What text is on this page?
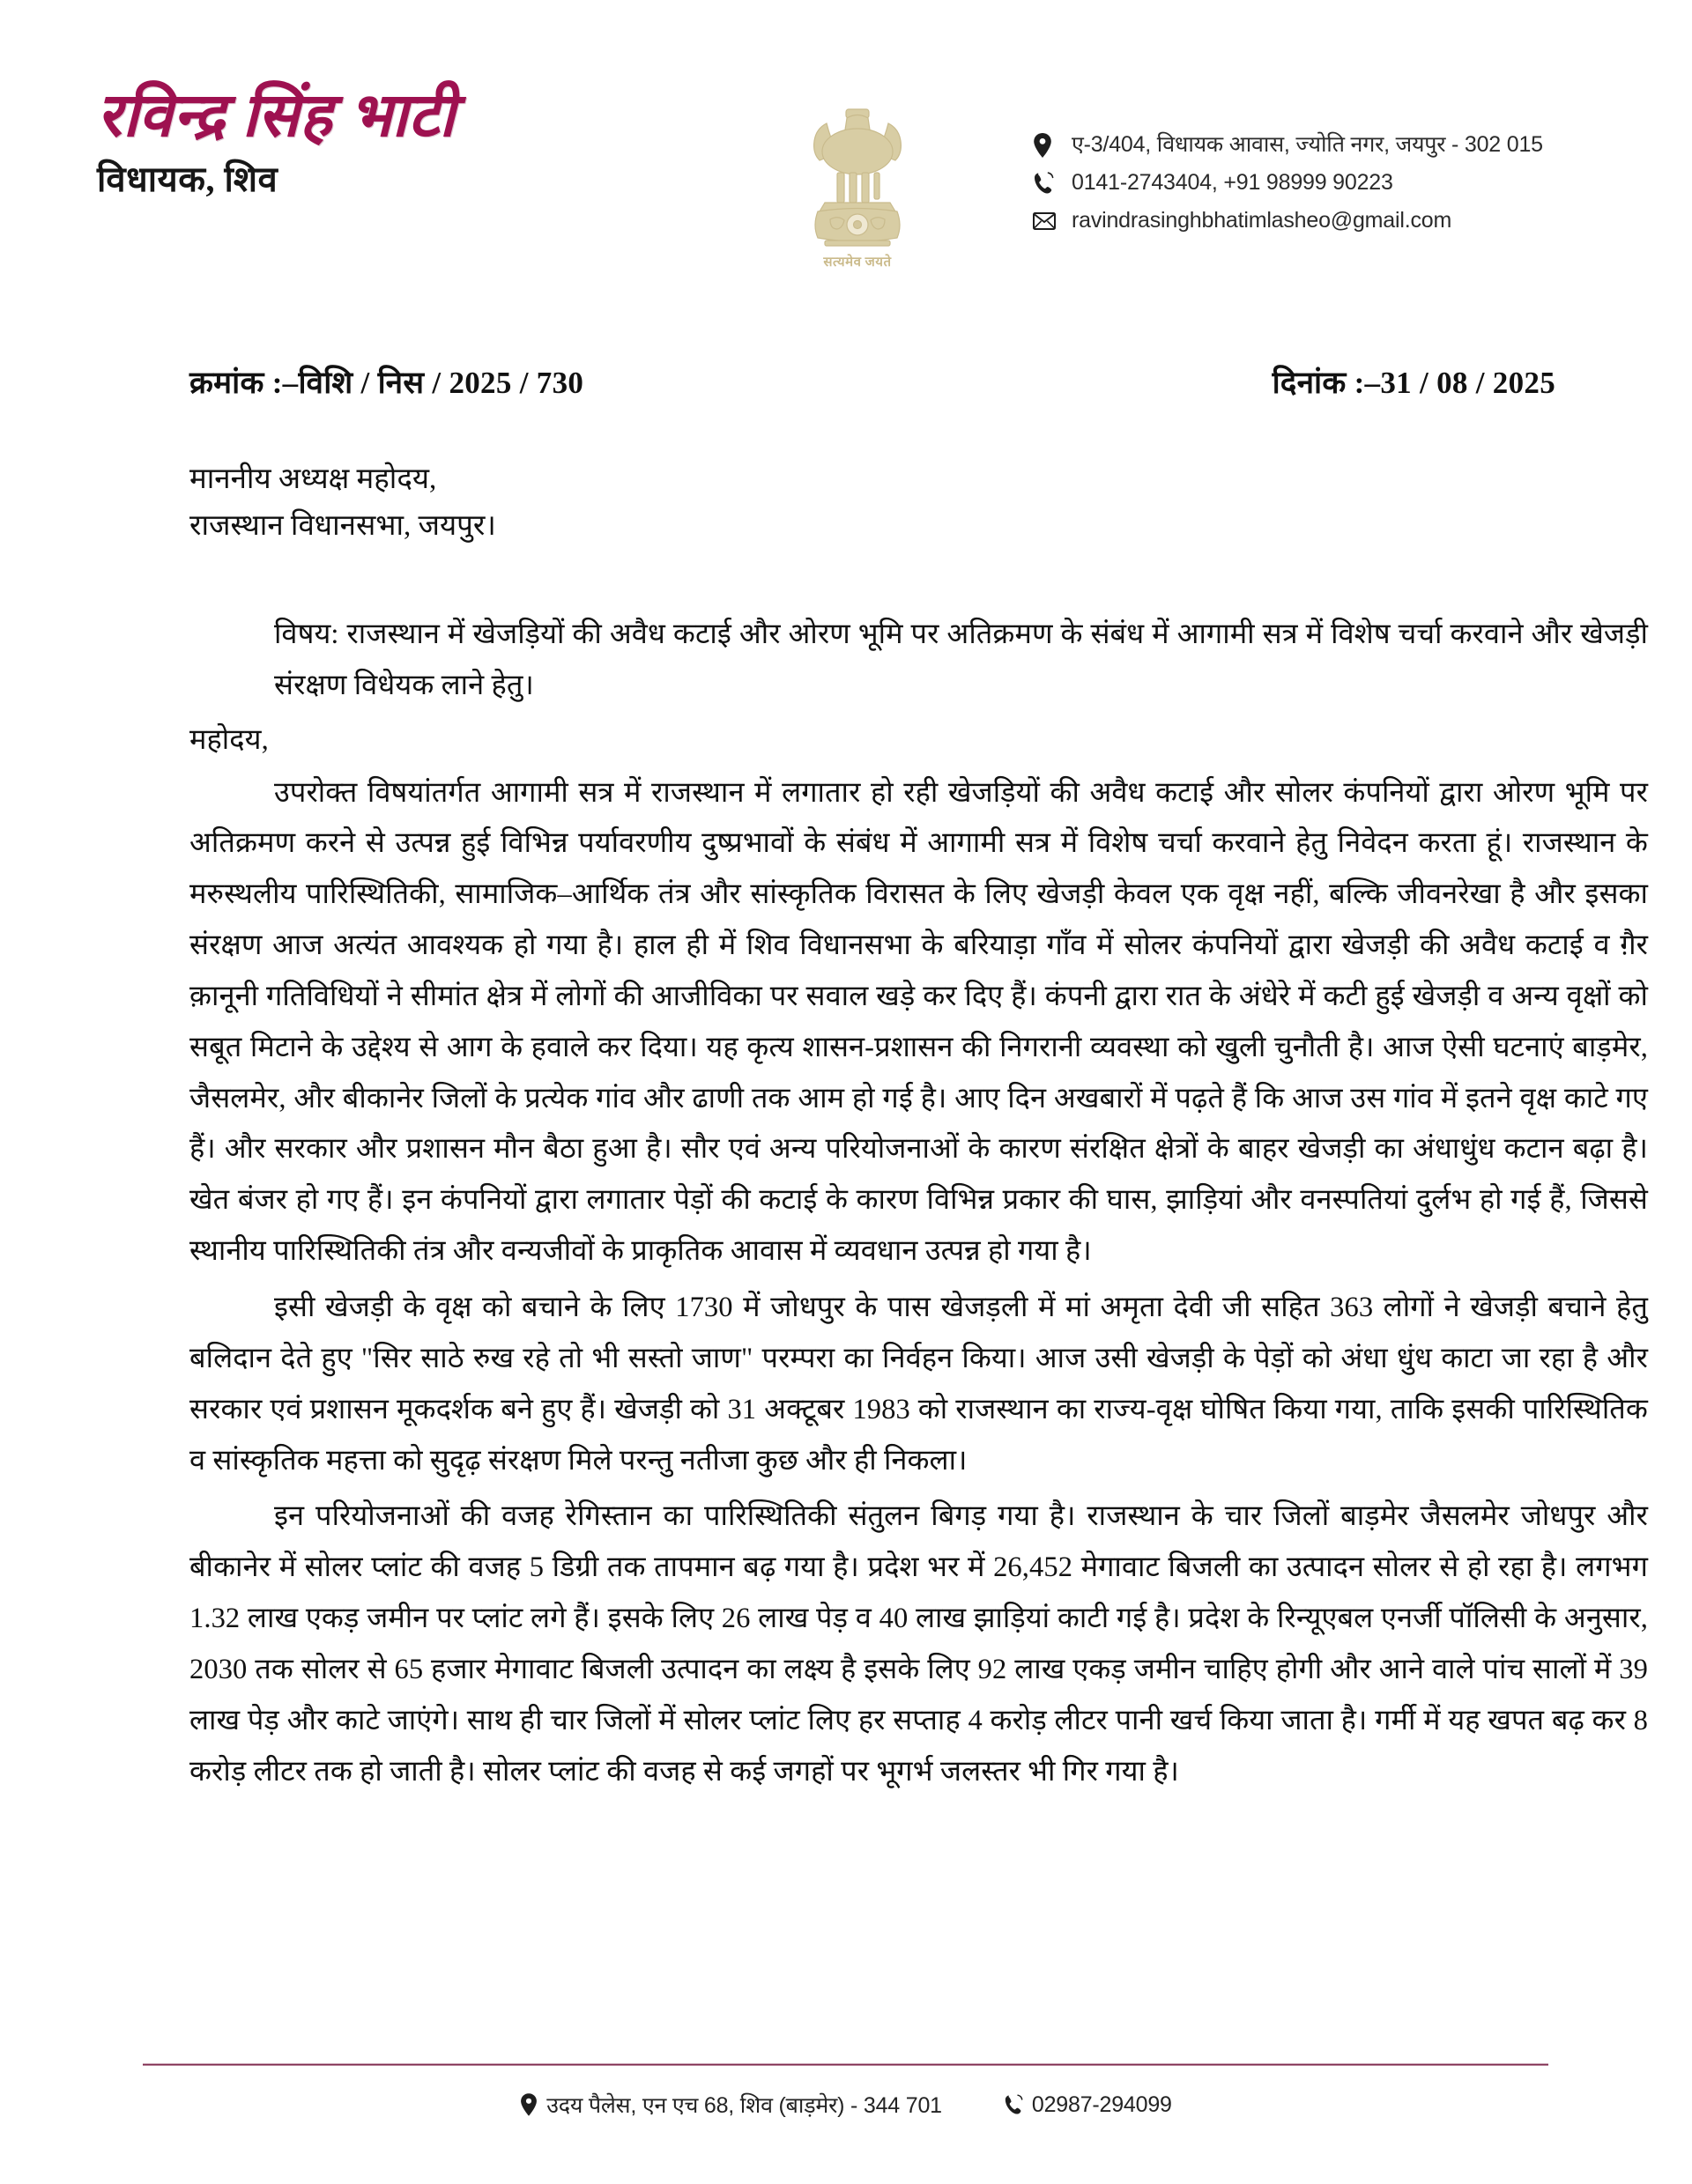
रविन्द्र सिंह भाटी
विधायक, शिव
सत्यमेव जयते
ए-3/404, विधायक आवास, ज्योति नगर, जयपुर - 302 015
0141-2743404, +91 98999 90223
ravindrasinghbhatimlasheo@gmail.com
क्रमांक :–विशि / निस / 2025 / 730	दिनांक :–31 / 08 / 2025
माननीय अध्यक्ष महोदय,
राजस्थान विधानसभा, जयपुर।

विषय: राजस्थान में खेजड़ियों की अवैध कटाई और ओरण भूमि पर अतिक्रमण के संबंध में आगामी सत्र में विशेष चर्चा करवाने और खेजड़ी संरक्षण विधेयक लाने हेतु।

महोदय,

उपरोक्त विषयांतर्गत आगामी सत्र में राजस्थान में लगातार हो रही खेजड़ियों की अवैध कटाई और सोलर कंपनियों द्वारा ओरण भूमि पर अतिक्रमण करने से उत्पन्न हुई विभिन्न पर्यावरणीय दुष्प्रभावों के संबंध में आगामी सत्र में विशेष चर्चा करवाने हेतु निवेदन करता हूं। राजस्थान के मरुस्थलीय पारिस्थितिकी, सामाजिक–आर्थिक तंत्र और सांस्कृतिक विरासत के लिए खेजड़ी केवल एक वृक्ष नहीं, बल्कि जीवनरेखा है और इसका संरक्षण आज अत्यंत आवश्यक हो गया है। हाल ही में शिव विधानसभा के बरियाड़ा गाँव में सोलर कंपनियों द्वारा खेजड़ी की अवैध कटाई व ग़ैर क़ानूनी गतिविधियों ने सीमांत क्षेत्र में लोगों की आजीविका पर सवाल खड़े कर दिए हैं। कंपनी द्वारा रात के अंधेरे में कटी हुई खेजड़ी व अन्य वृक्षों को सबूत मिटाने के उद्देश्य से आग के हवाले कर दिया। यह कृत्य शासन-प्रशासन की निगरानी व्यवस्था को खुली चुनौती है। आज ऐसी घटनाएं बाड़मेर, जैसलमेर, और बीकानेर जिलों के प्रत्येक गांव और ढाणी तक आम हो गई है। आए दिन अखबारों में पढ़ते हैं कि आज उस गांव में इतने वृक्ष काटे गए हैं। और सरकार और प्रशासन मौन बैठा हुआ है। सौर एवं अन्य परियोजनाओं के कारण संरक्षित क्षेत्रों के बाहर खेजड़ी का अंधाधुंध कटान बढ़ा है। खेत बंजर हो गए हैं। इन कंपनियों द्वारा लगातार पेड़ों की कटाई के कारण विभिन्न प्रकार की घास, झाड़ियां और वनस्पतियां दुर्लभ हो गई हैं, जिससे स्थानीय पारिस्थितिकी तंत्र और वन्यजीवों के प्राकृतिक आवास में व्यवधान उत्पन्न हो गया है।

इसी खेजड़ी के वृक्ष को बचाने के लिए 1730 में जोधपुर के पास खेजड़ली में मां अमृता देवी जी सहित 363 लोगों ने खेजड़ी बचाने हेतु बलिदान देते हुए "सिर साठे रुख रहे तो भी सस्तो जाण" परम्परा का निर्वहन किया। आज उसी खेजड़ी के पेड़ों को अंधा धुंध काटा जा रहा है और सरकार एवं प्रशासन मूकदर्शक बने हुए हैं। खेजड़ी को 31 अक्टूबर 1983 को राजस्थान का राज्य-वृक्ष घोषित किया गया, ताकि इसकी पारिस्थितिक व सांस्कृतिक महत्ता को सुदृढ़ संरक्षण मिले परन्तु नतीजा कुछ और ही निकला।

इन परियोजनाओं की वजह रेगिस्तान का पारिस्थितिकी संतुलन बिगड़ गया है। राजस्थान के चार जिलों बाड़मेर जैसलमेर जोधपुर और बीकानेर में सोलर प्लांट की वजह 5 डिग्री तक तापमान बढ़ गया है। प्रदेश भर में 26,452 मेगावाट बिजली का उत्पादन सोलर से हो रहा है। लगभग 1.32 लाख एकड़ जमीन पर प्लांट लगे हैं। इसके लिए 26 लाख पेड़ व 40 लाख झाड़ियां काटी गई है। प्रदेश के रिन्यूएबल एनर्जी पॉलिसी के अनुसार, 2030 तक सोलर से 65 हजार मेगावाट बिजली उत्पादन का लक्ष्य है इसके लिए 92 लाख एकड़ जमीन चाहिए होगी और आने वाले पांच सालों में 39 लाख पेड़ और काटे जाएंगे। साथ ही चार जिलों में सोलर प्लांट लिए हर सप्ताह 4 करोड़ लीटर पानी खर्च किया जाता है। गर्मी में यह खपत बढ़ कर 8 करोड़ लीटर तक हो जाती है। सोलर प्लांट की वजह से कई जगहों पर भूगर्भ जलस्तर भी गिर गया है।

उदय पैलेस, एन एच 68, शिव (बाड़मेर) - 344 701	02987-294099
